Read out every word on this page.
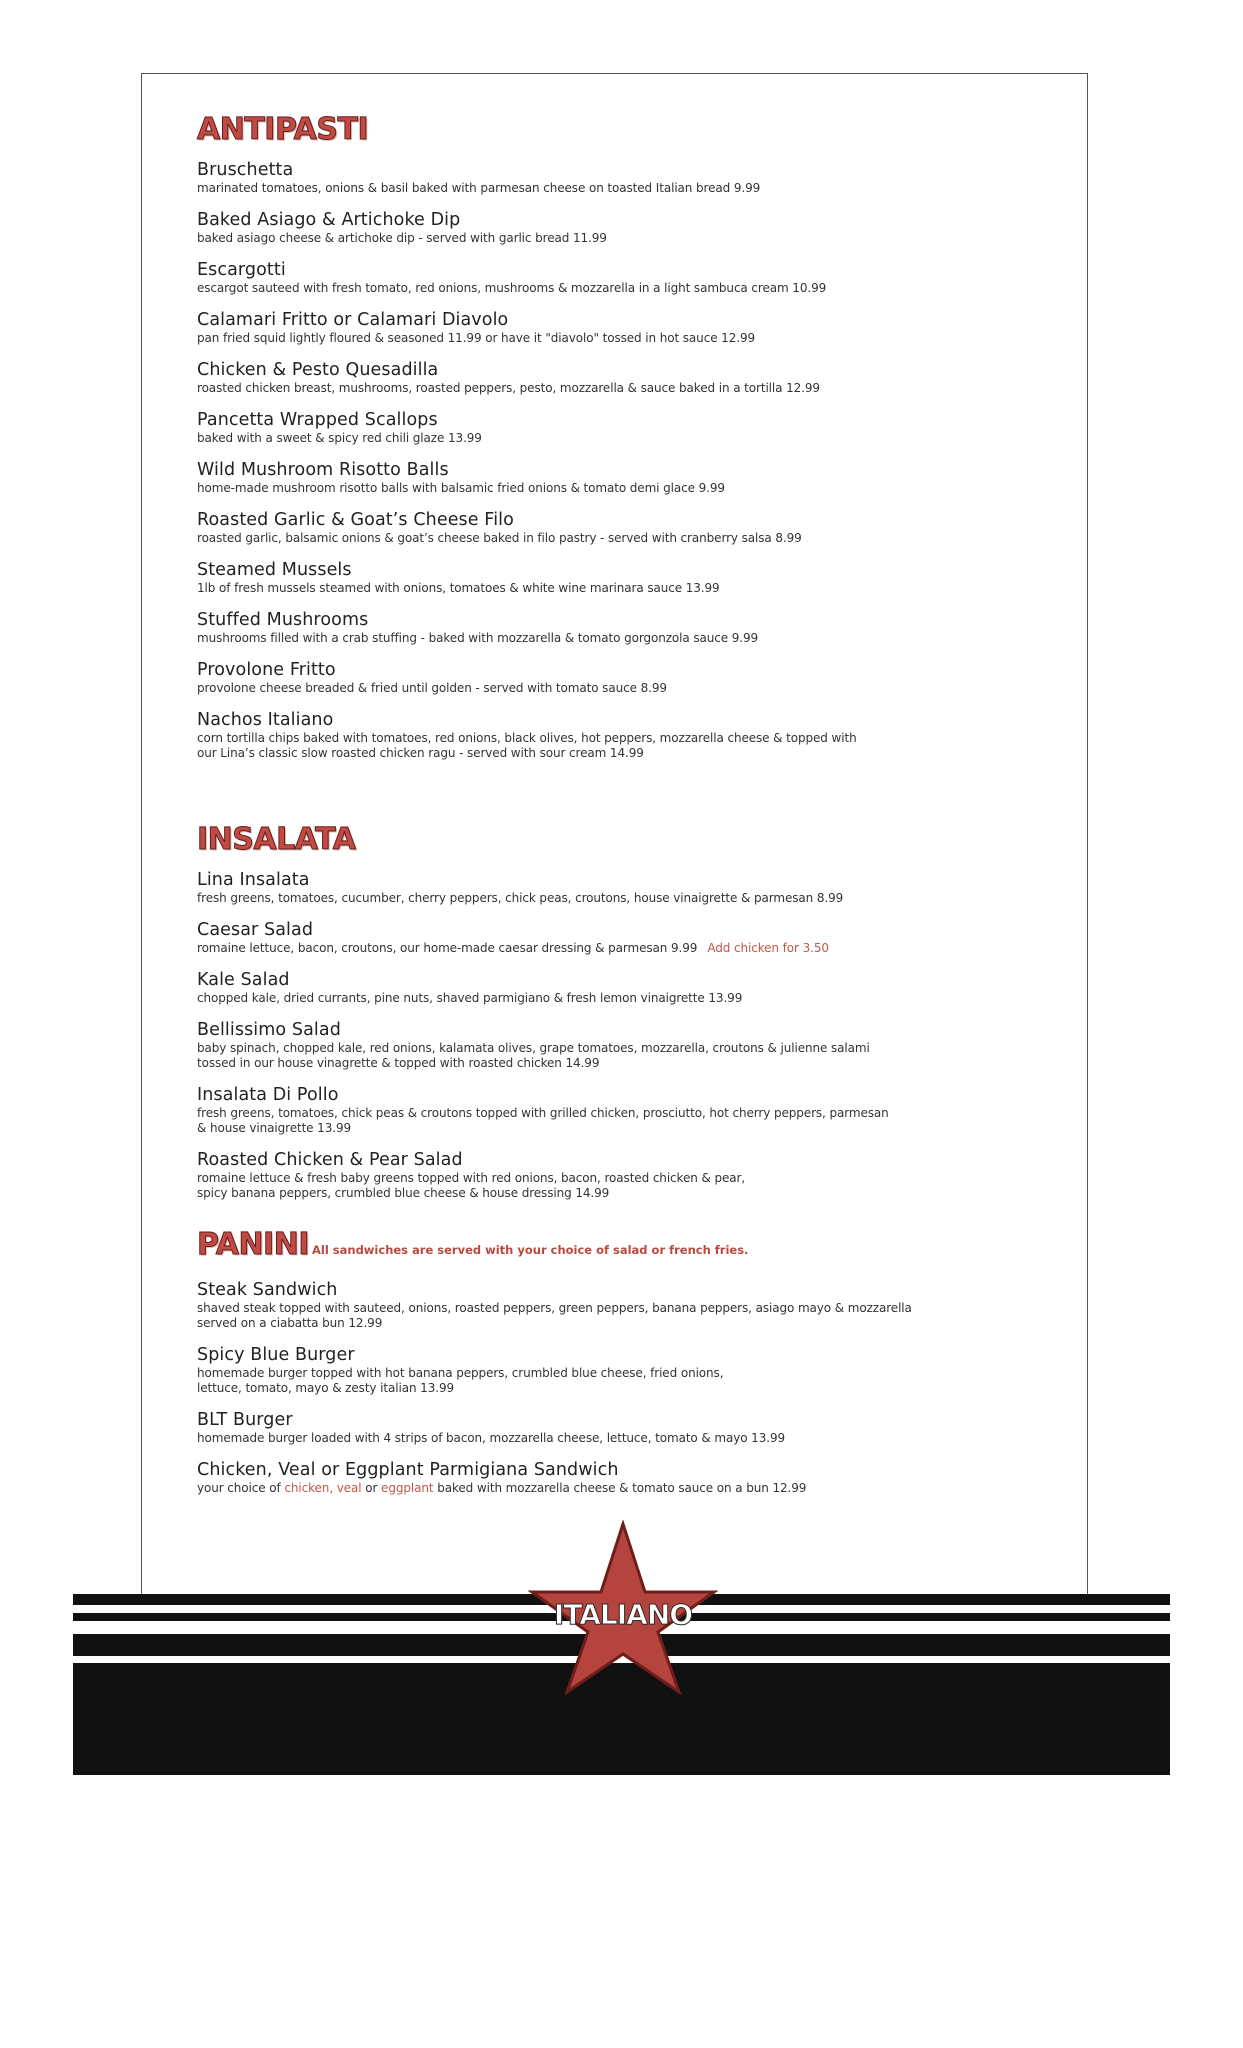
ANTIPASTI
Bruschetta
marinated tomatoes, onions & basil baked with parmesan cheese on toasted Italian bread 9.99
Baked Asiago & Artichoke Dip
baked asiago cheese & artichoke dip - served with garlic bread 11.99
Escargotti
escargot sauteed with fresh tomato, red onions, mushrooms & mozzarella in a light sambuca cream 10.99
Calamari Fritto or Calamari Diavolo
pan fried squid lightly floured & seasoned 11.99 or have it "diavolo" tossed in hot sauce 12.99
Chicken & Pesto Quesadilla
roasted chicken breast, mushrooms, roasted peppers, pesto, mozzarella & sauce baked in a tortilla 12.99
Pancetta Wrapped Scallops
baked with a sweet & spicy red chili glaze 13.99
Wild Mushroom Risotto Balls
home-made mushroom risotto balls with balsamic fried onions & tomato demi glace 9.99
Roasted Garlic & Goat’s Cheese Filo
roasted garlic, balsamic onions & goat’s cheese baked in filo pastry - served with cranberry salsa 8.99
Steamed Mussels
1lb of fresh mussels steamed with onions, tomatoes & white wine marinara sauce 13.99
Stuffed Mushrooms
mushrooms filled with a crab stuffing - baked with mozzarella & tomato gorgonzola sauce 9.99
Provolone Fritto
provolone cheese breaded & fried until golden - served with tomato sauce 8.99
Nachos Italiano
corn tortilla chips baked with tomatoes, red onions, black olives, hot peppers, mozzarella cheese & topped with
our Lina’s classic slow roasted chicken ragu - served with sour cream 14.99
INSALATA
Lina Insalata
fresh greens, tomatoes, cucumber, cherry peppers, chick peas, croutons, house vinaigrette & parmesan 8.99
Caesar Salad
romaine lettuce, bacon, croutons, our home-made caesar dressing & parmesan 9.99 Add chicken for 3.50
Kale Salad
chopped kale, dried currants, pine nuts, shaved parmigiano & fresh lemon vinaigrette 13.99
Bellissimo Salad
baby spinach, chopped kale, red onions, kalamata olives, grape tomatoes, mozzarella, croutons & julienne salami
tossed in our house vinagrette & topped with roasted chicken 14.99
Insalata Di Pollo
fresh greens, tomatoes, chick peas & croutons topped with grilled chicken, prosciutto, hot cherry peppers, parmesan
& house vinaigrette 13.99
Roasted Chicken & Pear Salad
romaine lettuce & fresh baby greens topped with red onions, bacon, roasted chicken & pear,
spicy banana peppers, crumbled blue cheese & house dressing 14.99
PANINI All sandwiches are served with your choice of salad or french fries.
Steak Sandwich
shaved steak topped with sauteed, onions, roasted peppers, green peppers, banana peppers, asiago mayo & mozzarella
served on a ciabatta bun 12.99
Spicy Blue Burger
homemade burger topped with hot banana peppers, crumbled blue cheese, fried onions,
lettuce, tomato, mayo & zesty italian 13.99
BLT Burger
homemade burger loaded with 4 strips of bacon, mozzarella cheese, lettuce, tomato & mayo 13.99
Chicken, Veal or Eggplant Parmigiana Sandwich
your choice of chicken, veal or eggplant baked with mozzarella cheese & tomato sauce on a bun 12.99
ITALIANO
